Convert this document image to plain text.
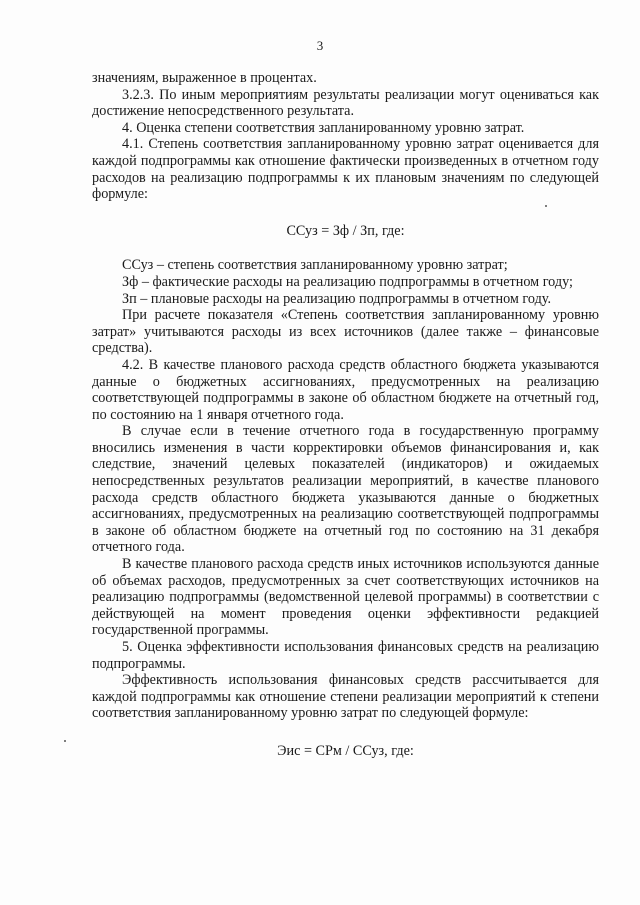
3

значениям, выраженное в процентах.

3.2.3. По иным мероприятиям результаты реализации могут оцениваться как достижение непосредственного результата.

4. Оценка степени соответствия запланированному уровню затрат.

4.1. Степень соответствия запланированному уровню затрат оценивается для каждой подпрограммы как отношение фактически произведенных в отчетном году расходов на реализацию подпрограммы к их плановым значениям по следующей формуле:

ССуз = Зф / Зп, где:

ССуз – степень соответствия запланированному уровню затрат;

Зф – фактические расходы на реализацию подпрограммы в отчетном году;

Зп – плановые расходы на реализацию подпрограммы в отчетном году.

При расчете показателя «Степень соответствия запланированному уровню затрат» учитываются расходы из всех источников (далее также – финансовые средства).

4.2. В качестве планового расхода средств областного бюджета указываются данные о бюджетных ассигнованиях, предусмотренных на реализацию соответствующей подпрограммы в законе об областном бюджете на отчетный год, по состоянию на 1 января отчетного года.

В случае если в течение отчетного года в государственную программу вносились изменения в части корректировки объемов финансирования и, как следствие, значений целевых показателей (индикаторов) и ожидаемых непосредственных результатов реализации мероприятий, в качестве планового расхода средств областного бюджета указываются данные о бюджетных ассигнованиях, предусмотренных на реализацию соответствующей подпрограммы в законе об областном бюджете на отчетный год по состоянию на 31 декабря отчетного года.

В качестве планового расхода средств иных источников используются данные об объемах расходов, предусмотренных за счет соответствующих источников на реализацию подпрограммы (ведомственной целевой программы) в соответствии с действующей на момент проведения оценки эффективности редакцией государственной программы.

5. Оценка эффективности использования финансовых средств на реализацию подпрограммы.

Эффективность использования финансовых средств рассчитывается для каждой подпрограммы как отношение степени реализации мероприятий к степени соответствия запланированному уровню затрат по следующей формуле:

Эис = СРм / ССуз, где:
